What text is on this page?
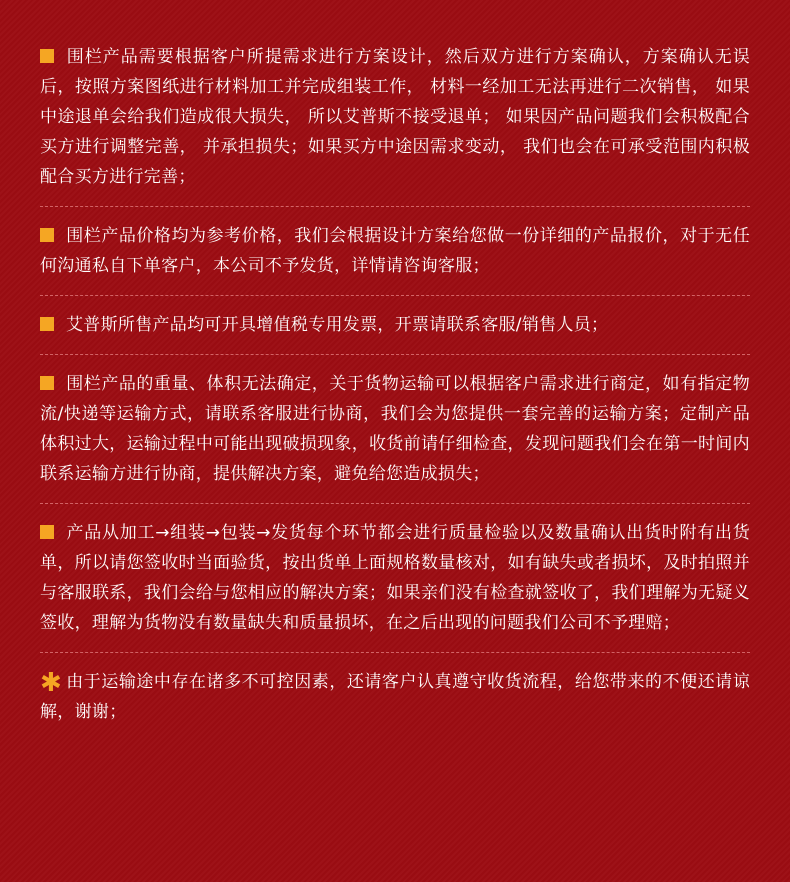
围栏产品需要根据客户所提需求进行方案设计，然后双方进行方案确认，方案确认无误后，按照方案图纸进行材料加工并完成组装工作， 材料一经加工无法再进行二次销售， 如果中途退单会给我们造成很大损失， 所以艾普斯不接受退单； 如果因产品问题我们会积极配合买方进行调整完善， 并承担损失；如果买方中途因需求变动， 我们也会在可承受范围内积极配合买方进行完善；

围栏产品价格均为参考价格，我们会根据设计方案给您做一份详细的产品报价，对于无任何沟通私自下单客户，本公司不予发货，详情请咨询客服；

艾普斯所售产品均可开具增值税专用发票，开票请联系客服/销售人员；

围栏产品的重量、体积无法确定，关于货物运输可以根据客户需求进行商定，如有指定物流/快递等运输方式，请联系客服进行协商，我们会为您提供一套完善的运输方案；定制产品体积过大，运输过程中可能出现破损现象，收货前请仔细检查，发现问题我们会在第一时间内联系运输方进行协商，提供解决方案，避免给您造成损失；

产品从加工→组装→包装→发货每个环节都会进行质量检验以及数量确认出货时附有出货单，所以请您签收时当面验货，按出货单上面规格数量核对，如有缺失或者损坏，及时拍照并与客服联系，我们会给与您相应的解决方案；如果亲们没有检查就签收了，我们理解为无疑义签收，理解为货物没有数量缺失和质量损坏，在之后出现的问题我们公司不予理赔；

✱ 由于运输途中存在诸多不可控因素，还请客户认真遵守收货流程，给您带来的不便还请谅解，谢谢；
